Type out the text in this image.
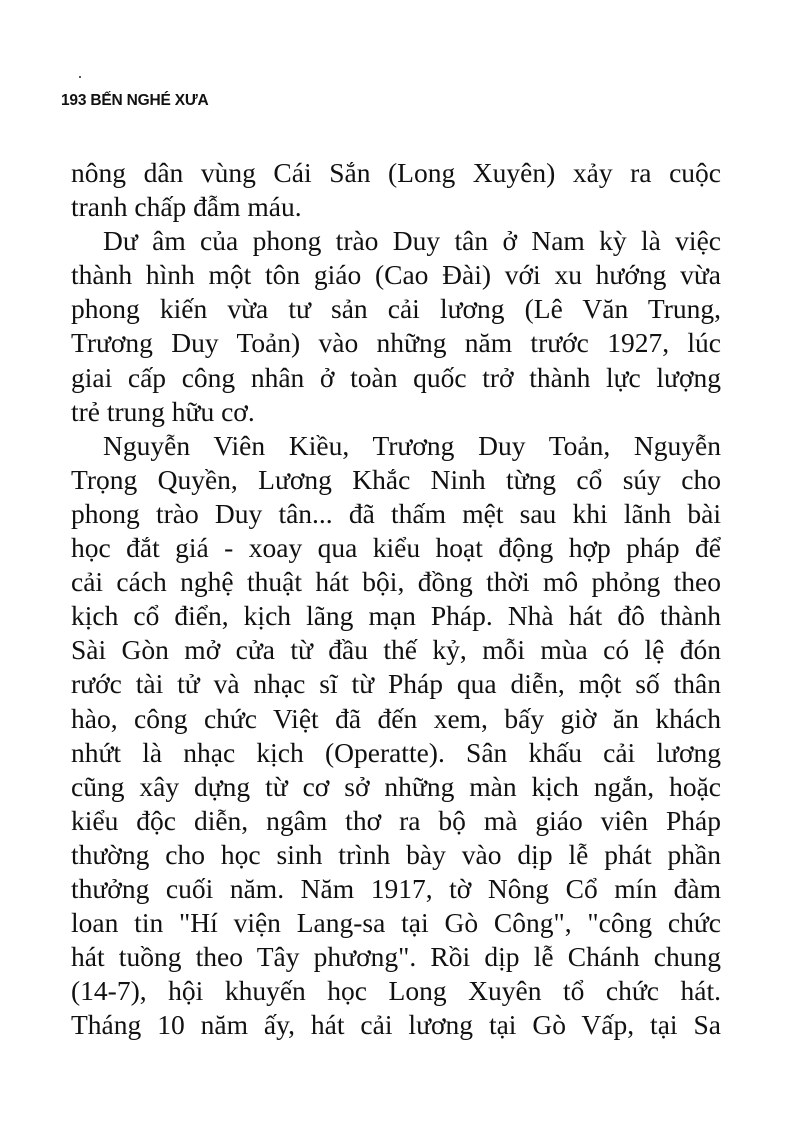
193 BẾN NGHÉ XƯA
nông dân vùng Cái Sắn (Long Xuyên) xảy ra cuộc
tranh chấp đẫm máu.
Dư âm của phong trào Duy tân ở Nam kỳ là việc
thành hình một tôn giáo (Cao Đài) với xu hướng vừa
phong kiến vừa tư sản cải lương (Lê Văn Trung,
Trương Duy Toản) vào những năm trước 1927, lúc
giai cấp công nhân ở toàn quốc trở thành lực lượng
trẻ trung hữu cơ.
Nguyễn Viên Kiều, Trương Duy Toản, Nguyễn
Trọng Quyền, Lương Khắc Ninh từng cổ súy cho
phong trào Duy tân... đã thấm mệt sau khi lãnh bài
học đắt giá - xoay qua kiểu hoạt động hợp pháp để
cải cách nghệ thuật hát bội, đồng thời mô phỏng theo
kịch cổ điển, kịch lãng mạn Pháp. Nhà hát đô thành
Sài Gòn mở cửa từ đầu thế kỷ, mỗi mùa có lệ đón
rước tài tử và nhạc sĩ từ Pháp qua diễn, một số thân
hào, công chức Việt đã đến xem, bấy giờ ăn khách
nhứt là nhạc kịch (Operatte). Sân khấu cải lương
cũng xây dựng từ cơ sở những màn kịch ngắn, hoặc
kiểu độc diễn, ngâm thơ ra bộ mà giáo viên Pháp
thường cho học sinh trình bày vào dịp lễ phát phần
thưởng cuối năm. Năm 1917, tờ Nông Cổ mín đàm
loan tin "Hí viện Lang-sa tại Gò Công", "công chức
hát tuồng theo Tây phương". Rồi dịp lễ Chánh chung
(14-7), hội khuyến học Long Xuyên tổ chức hát.
Tháng 10 năm ấy, hát cải lương tại Gò Vấp, tại Sa
